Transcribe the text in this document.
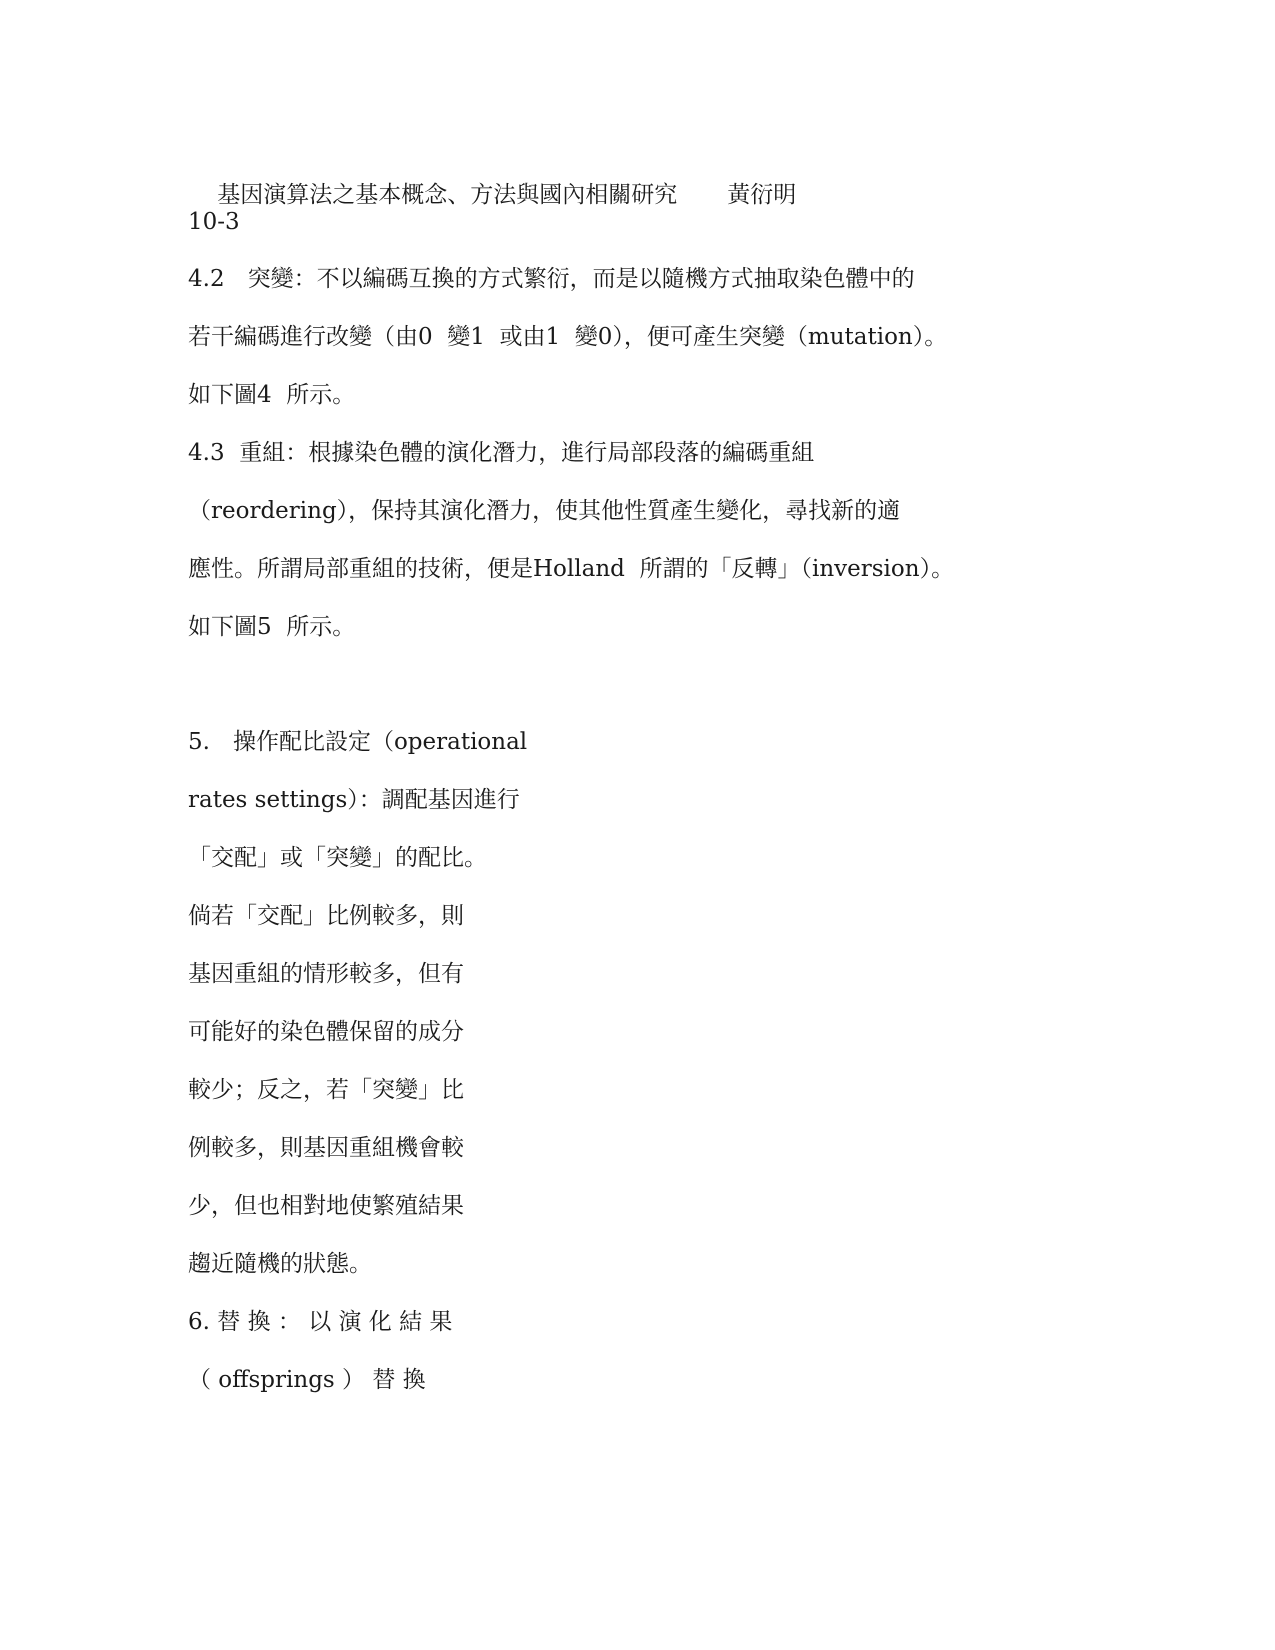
基因演算法之基本概念、方法與國內相關研究 黃衍明

10-3
4.2　突變：不以編碼互換的方式繁衍，而是以隨機方式抽取染色體中的
若干編碼進行改變（由0  變1  或由1  變0），便可產生突變（mutation）。
如下圖4  所示。
4.3  重組：根據染色體的演化潛力，進行局部段落的編碼重組
（reordering），保持其演化潛力，使其他性質產生變化，尋找新的適
應性。所謂局部重組的技術，便是Holland  所謂的「反轉」（inversion）。
如下圖5  所示。
5.　操作配比設定（operational
rates settings）：調配基因進行
「交配」或「突變」的配比。
倘若「交配」比例較多，則
基因重組的情形較多，但有
可能好的染色體保留的成分
較少；反之，若「突變」比
例較多，則基因重組機會較
少，但也相對地使繁殖結果
趨近隨機的狀態。
6. 替 換 ： 以 演 化 結 果
（ offsprings ） 替 換
